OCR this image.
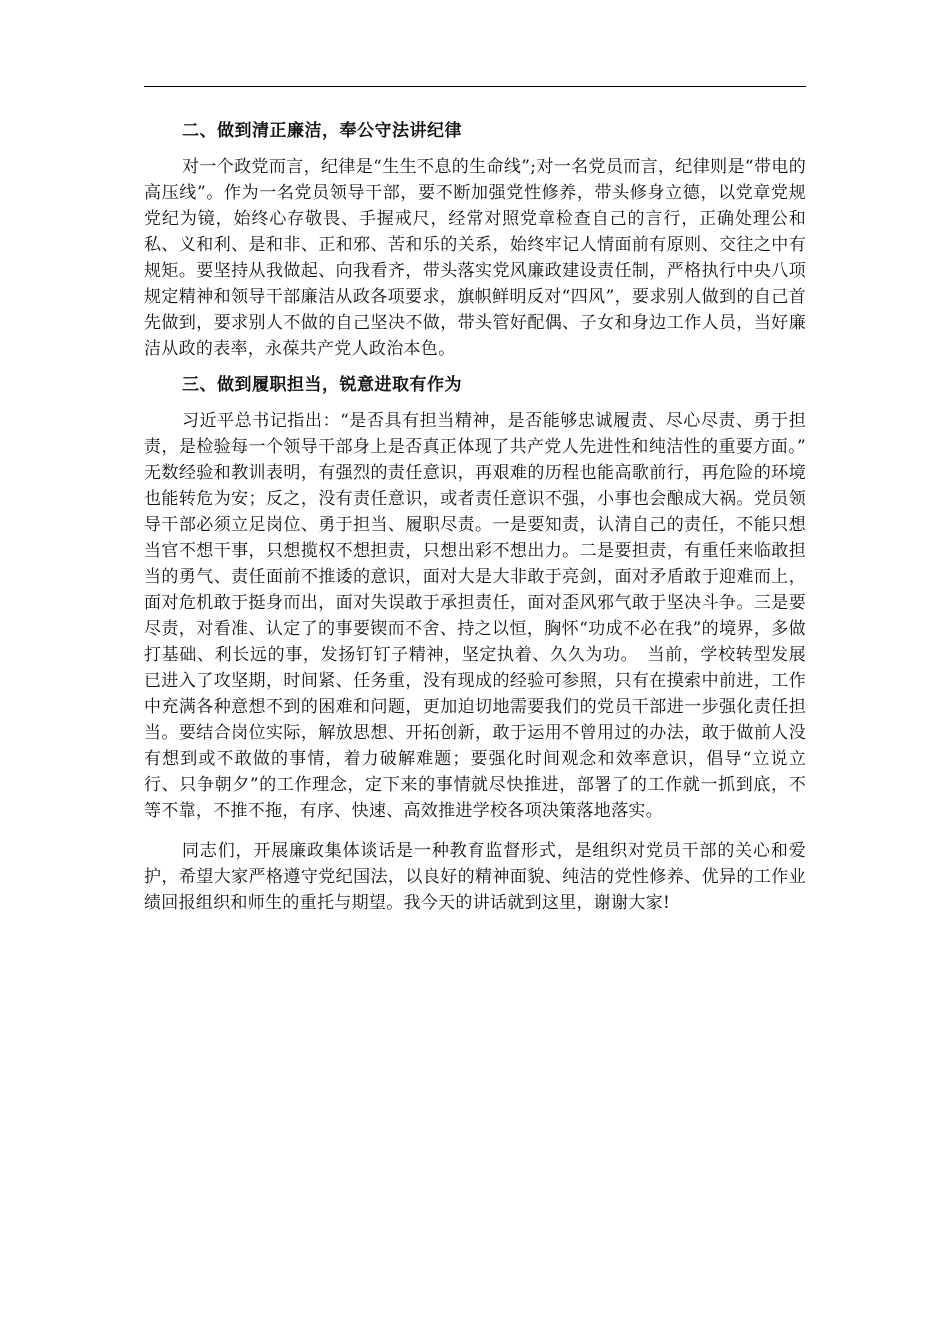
二、做到清正廉洁，奉公守法讲纪律

对一个政党而言，纪律是“生生不息的生命线”;对一名党员而言，纪律则是“带电的高压线”。作为一名党员领导干部，要不断加强党性修养，带头修身立德，以党章党规党纪为镜，始终心存敬畏、手握戒尺，经常对照党章检查自己的言行，正确处理公和私、义和利、是和非、正和邪、苦和乐的关系，始终牢记人情面前有原则、交往之中有规矩。要坚持从我做起、向我看齐，带头落实党风廉政建设责任制，严格执行中央八项规定精神和领导干部廉洁从政各项要求，旗帜鲜明反对“四风”，要求别人做到的自己首先做到，要求别人不做的自己坚决不做，带头管好配偶、子女和身边工作人员，当好廉洁从政的表率，永葆共产党人政治本色。

三、做到履职担当，锐意进取有作为

习近平总书记指出：“是否具有担当精神，是否能够忠诚履责、尽心尽责、勇于担责，是检验每一个领导干部身上是否真正体现了共产党人先进性和纯洁性的重要方面。” 无数经验和教训表明，有强烈的责任意识，再艰难的历程也能高歌前行，再危险的环境也能转危为安；反之，没有责任意识，或者责任意识不强，小事也会酿成大祸。党员领导干部必须立足岗位、勇于担当、履职尽责。一是要知责，认清自己的责任，不能只想当官不想干事，只想揽权不想担责，只想出彩不想出力。二是要担责，有重任来临敢担当的勇气、责任面前不推诿的意识，面对大是大非敢于亮剑，面对矛盾敢于迎难而上，面对危机敢于挺身而出，面对失误敢于承担责任，面对歪风邪气敢于坚决斗争。三是要尽责，对看准、认定了的事要锲而不舍、持之以恒，胸怀“功成不必在我”的境界，多做打基础、利长远的事，发扬钉钉子精神，坚定执着、久久为功。　当前，学校转型发展已进入了攻坚期，时间紧、任务重，没有现成的经验可参照，只有在摸索中前进，工作中充满各种意想不到的困难和问题，更加迫切地需要我们的党员干部进一步强化责任担当。要结合岗位实际，解放思想、开拓创新，敢于运用不曾用过的办法，敢于做前人没有想到或不敢做的事情，着力破解难题；要强化时间观念和效率意识，倡导“立说立行、只争朝夕”的工作理念，定下来的事情就尽快推进，部署了的工作就一抓到底，不等不靠，不推不拖，有序、快速、高效推进学校各项决策落地落实。

同志们，开展廉政集体谈话是一种教育监督形式，是组织对党员干部的关心和爱护，希望大家严格遵守党纪国法，以良好的精神面貌、纯洁的党性修养、优异的工作业绩回报组织和师生的重托与期望。我今天的讲话就到这里，谢谢大家!
